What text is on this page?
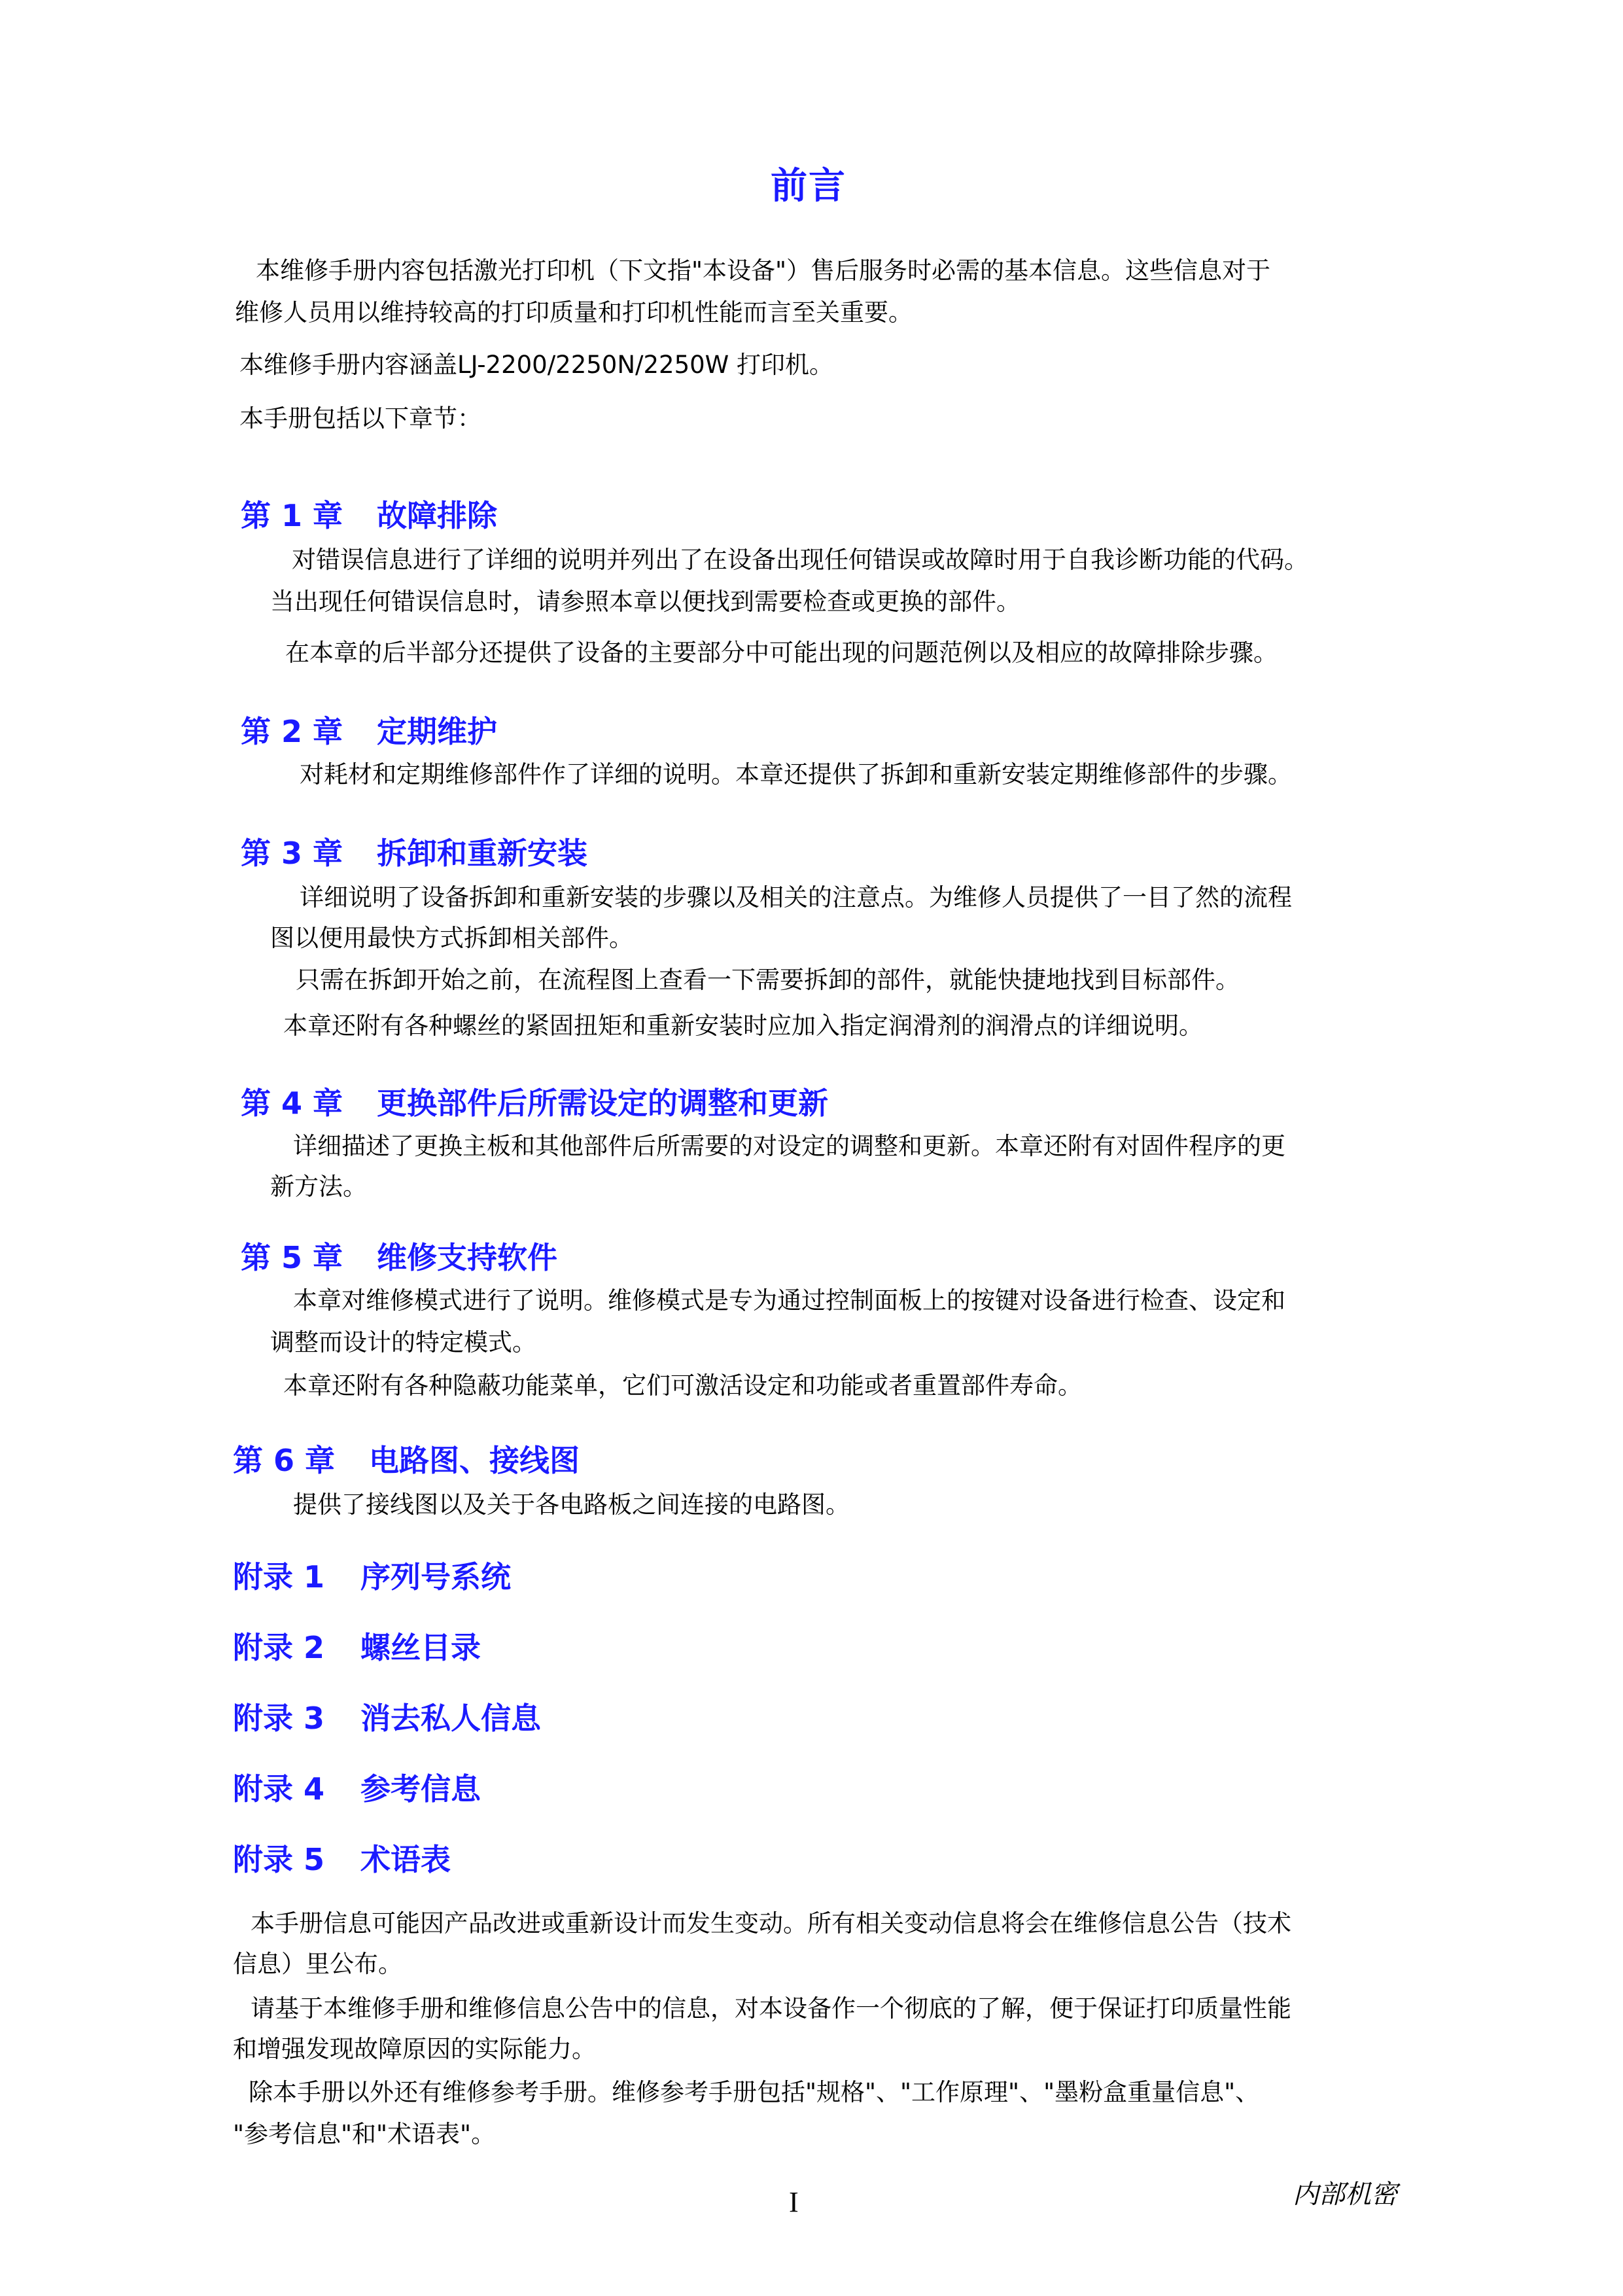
前言
本维修手册内容包括激光打印机（下文指"本设备"）售后服务时必需的基本信息。这些信息对于
维修人员用以维持较高的打印质量和打印机性能而言至关重要。
本维修手册内容涵盖LJ-2200/2250N/2250W 打印机。
本手册包括以下章节：
第 1 章 故障排除
对错误信息进行了详细的说明并列出了在设备出现任何错误或故障时用于自我诊断功能的代码。
当出现任何错误信息时，请参照本章以便找到需要检查或更换的部件。
在本章的后半部分还提供了设备的主要部分中可能出现的问题范例以及相应的故障排除步骤。
第 2 章 定期维护
对耗材和定期维修部件作了详细的说明。本章还提供了拆卸和重新安装定期维修部件的步骤。
第 3 章 拆卸和重新安装
详细说明了设备拆卸和重新安装的步骤以及相关的注意点。为维修人员提供了一目了然的流程
图以便用最快方式拆卸相关部件。
只需在拆卸开始之前，在流程图上查看一下需要拆卸的部件，就能快捷地找到目标部件。
本章还附有各种螺丝的紧固扭矩和重新安装时应加入指定润滑剂的润滑点的详细说明。
第 4 章 更换部件后所需设定的调整和更新
详细描述了更换主板和其他部件后所需要的对设定的调整和更新。本章还附有对固件程序的更
新方法。
第 5 章 维修支持软件
本章对维修模式进行了说明。维修模式是专为通过控制面板上的按键对设备进行检查、设定和
调整而设计的特定模式。
本章还附有各种隐蔽功能菜单，它们可激活设定和功能或者重置部件寿命。
第 6 章 电路图、接线图
提供了接线图以及关于各电路板之间连接的电路图。
附录 1 序列号系统
附录 2 螺丝目录
附录 3 消去私人信息
附录 4 参考信息
附录 5 术语表
本手册信息可能因产品改进或重新设计而发生变动。所有相关变动信息将会在维修信息公告（技术
信息）里公布。
请基于本维修手册和维修信息公告中的信息，对本设备作一个彻底的了解，便于保证打印质量性能
和增强发现故障原因的实际能力。
除本手册以外还有维修参考手册。维修参考手册包括"规格"、"工作原理"、"墨粉盒重量信息"、
"参考信息"和"术语表"。
I	内部机密
